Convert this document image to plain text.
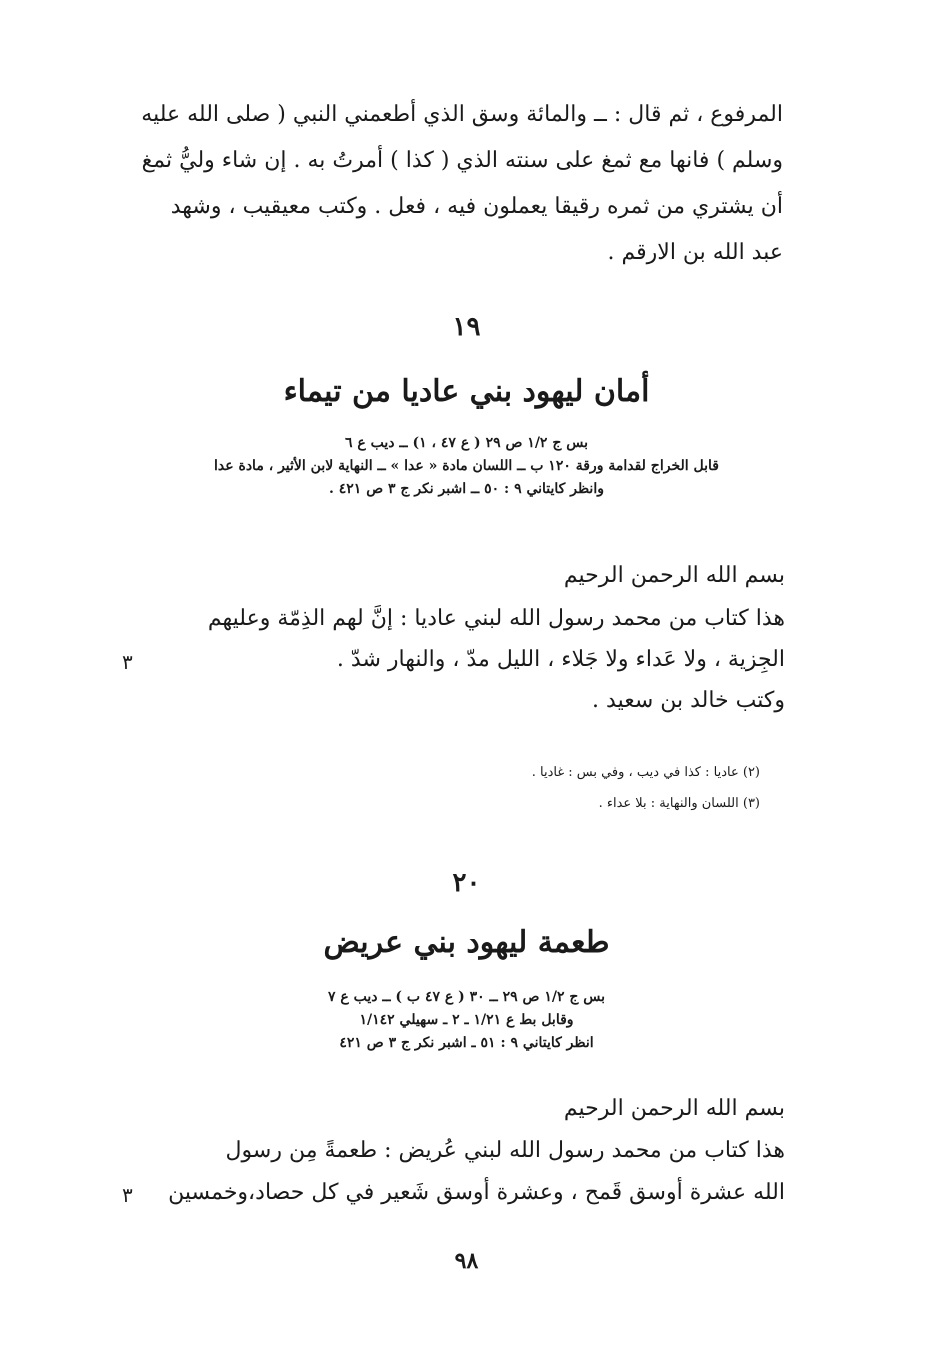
المرفوع ، ثم قال : ــ والمائة وسق الذي أطعمني النبي ( صلى الله عليه
وسلم ) فانها مع ثمغ على سنته الذي ( كذا ) أمرتُ به . إن شاء وليُّ ثمغ
أن يشتري من ثمره رقيقا يعملون فيه ، فعل . وكتب معيقيب ، وشهد
عبد الله بن الارقم .
١٩
أمان ليهود بني عاديا من تيماء
بس ج ١/٢ ص ٢٩ ( ع ٤٧ ، ١) ــ ديب ع ٦
قابل الخراج لقدامة ورقة ١٢٠ ب ــ اللسان مادة « عدا » ــ النهاية لابن الأثير ، مادة عدا
وانظر كايتاني ٩ : ٥٠ ــ اشبر نكر ج ٣ ص ٤٢١ .
بسم الله الرحمن الرحيم
هذا كتاب من محمد رسول الله لبني عاديا : إنَّ لهم الذِمّة وعليهم
الجِزية ، ولا عَداء ولا جَلاء ، الليل مدّ ، والنهار شدّ .
٣
وكتب خالد بن سعيد .
(٢) عاديا : كذا في ديب ، وفي بس : غاديا .
(٣) اللسان والنهاية : بلا عداء .
٢٠
طعمة ليهود بني عريض
بس ج ١/٢ ص ٢٩ ــ ٣٠ ( ع ٤٧ ب ) ــ ديب ع ٧
وقابل بط ع ١/٢١ ـ ٢ ـ سهيلي ١/١٤٢
انظر كايتاني ٩ : ٥١ ـ اشبر نكر ج ٣ ص ٤٢١
بسم الله الرحمن الرحيم
هذا كتاب من محمد رسول الله لبني عُريض : طعمةً مِن رسول
الله عشرة أوسق قَمح ، وعشرة أوسق شَعير في كل حصاد،وخمسين
٣
٩٨
